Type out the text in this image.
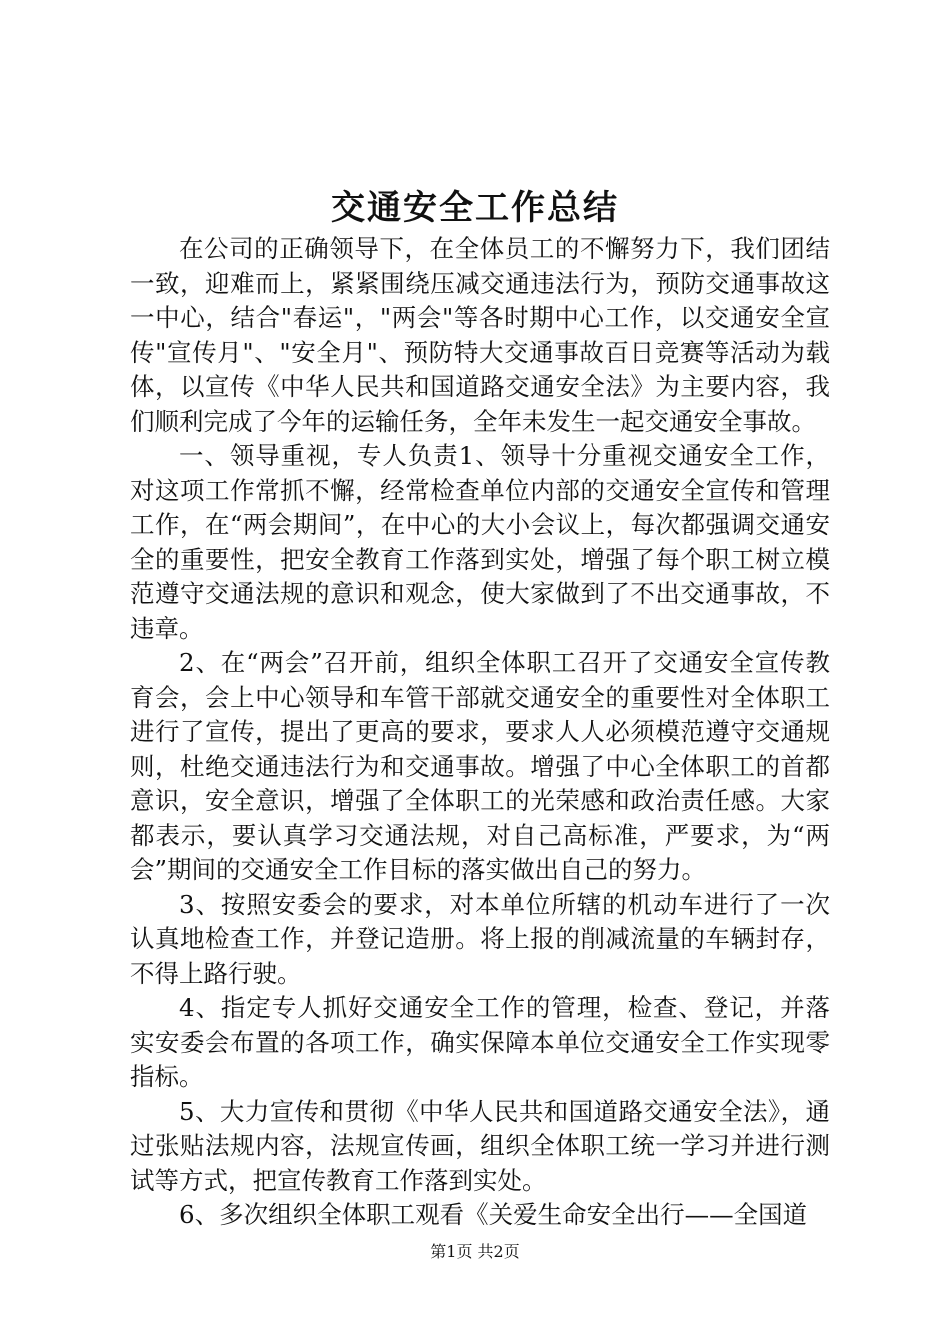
交通安全工作总结

在公司的正确领导下，在全体员工的不懈努力下，我们团结一致，迎难而上，紧紧围绕压减交通违法行为，预防交通事故这一中心，结合"春运"，"两会"等各时期中心工作，以交通安全宣传"宣传月"、"安全月"、预防特大交通事故百日竞赛等活动为载体，以宣传《中华人民共和国道路交通安全法》为主要内容，我们顺利完成了今年的运输任务，全年未发生一起交通安全事故。

一、领导重视，专人负责1、领导十分重视交通安全工作，对这项工作常抓不懈，经常检查单位内部的交通安全宣传和管理工作，在“两会期间”，在中心的大小会议上，每次都强调交通安全的重要性，把安全教育工作落到实处，增强了每个职工树立模范遵守交通法规的意识和观念，使大家做到了不出交通事故，不违章。

2、在“两会”召开前，组织全体职工召开了交通安全宣传教育会，会上中心领导和车管干部就交通安全的重要性对全体职工进行了宣传，提出了更高的要求，要求人人必须模范遵守交通规则，杜绝交通违法行为和交通事故。增强了中心全体职工的首都意识，安全意识，增强了全体职工的光荣感和政治责任感。大家都表示，要认真学习交通法规，对自己高标准，严要求，为“两会”期间的交通安全工作目标的落实做出自己的努力。

3、按照安委会的要求，对本单位所辖的机动车进行了一次认真地检查工作，并登记造册。将上报的削减流量的车辆封存，不得上路行驶。

4、指定专人抓好交通安全工作的管理，检查、登记，并落实安委会布置的各项工作，确实保障本单位交通安全工作实现零指标。

5、大力宣传和贯彻《中华人民共和国道路交通安全法》，通过张贴法规内容，法规宣传画，组织全体职工统一学习并进行测试等方式，把宣传教育工作落到实处。

6、多次组织全体职工观看《关爱生命安全出行——全国道

第1页 共2页
